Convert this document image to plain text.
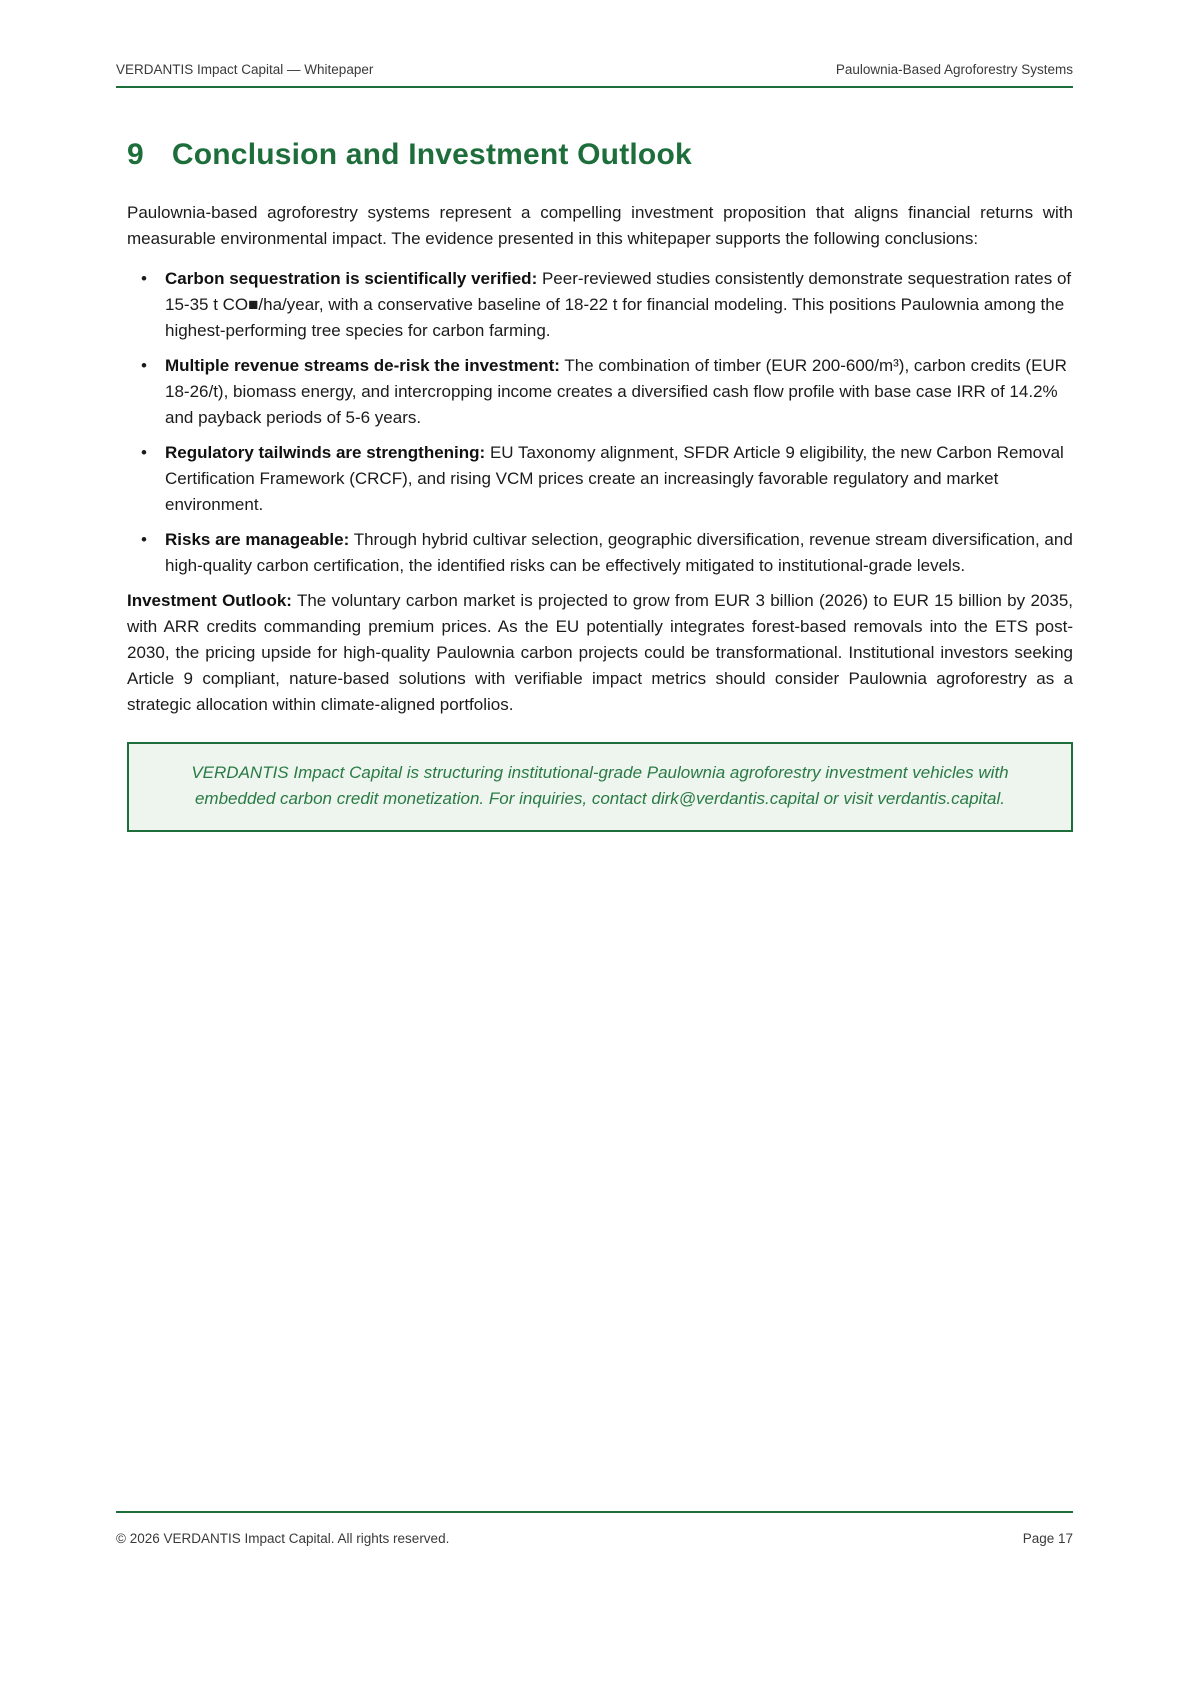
VERDANTIS Impact Capital — Whitepaper	Paulownia-Based Agroforestry Systems
9 Conclusion and Investment Outlook

Paulownia-based agroforestry systems represent a compelling investment proposition that aligns financial returns with measurable environmental impact. The evidence presented in this whitepaper supports the following conclusions:

• Carbon sequestration is scientifically verified: Peer-reviewed studies consistently demonstrate sequestration rates of 15-35 t CO■/ha/year, with a conservative baseline of 18-22 t for financial modeling. This positions Paulownia among the highest-performing tree species for carbon farming.
• Multiple revenue streams de-risk the investment: The combination of timber (EUR 200-600/m³), carbon credits (EUR 18-26/t), biomass energy, and intercropping income creates a diversified cash flow profile with base case IRR of 14.2% and payback periods of 5-6 years.
• Regulatory tailwinds are strengthening: EU Taxonomy alignment, SFDR Article 9 eligibility, the new Carbon Removal Certification Framework (CRCF), and rising VCM prices create an increasingly favorable regulatory and market environment.
• Risks are manageable: Through hybrid cultivar selection, geographic diversification, revenue stream diversification, and high-quality carbon certification, the identified risks can be effectively mitigated to institutional-grade levels.

Investment Outlook: The voluntary carbon market is projected to grow from EUR 3 billion (2026) to EUR 15 billion by 2035, with ARR credits commanding premium prices. As the EU potentially integrates forest-based removals into the ETS post-2030, the pricing upside for high-quality Paulownia carbon projects could be transformational. Institutional investors seeking Article 9 compliant, nature-based solutions with verifiable impact metrics should consider Paulownia agroforestry as a strategic allocation within climate-aligned portfolios.

VERDANTIS Impact Capital is structuring institutional-grade Paulownia agroforestry investment vehicles with embedded carbon credit monetization. For inquiries, contact dirk@verdantis.capital or visit verdantis.capital.
© 2026 VERDANTIS Impact Capital. All rights reserved.	Page 17
